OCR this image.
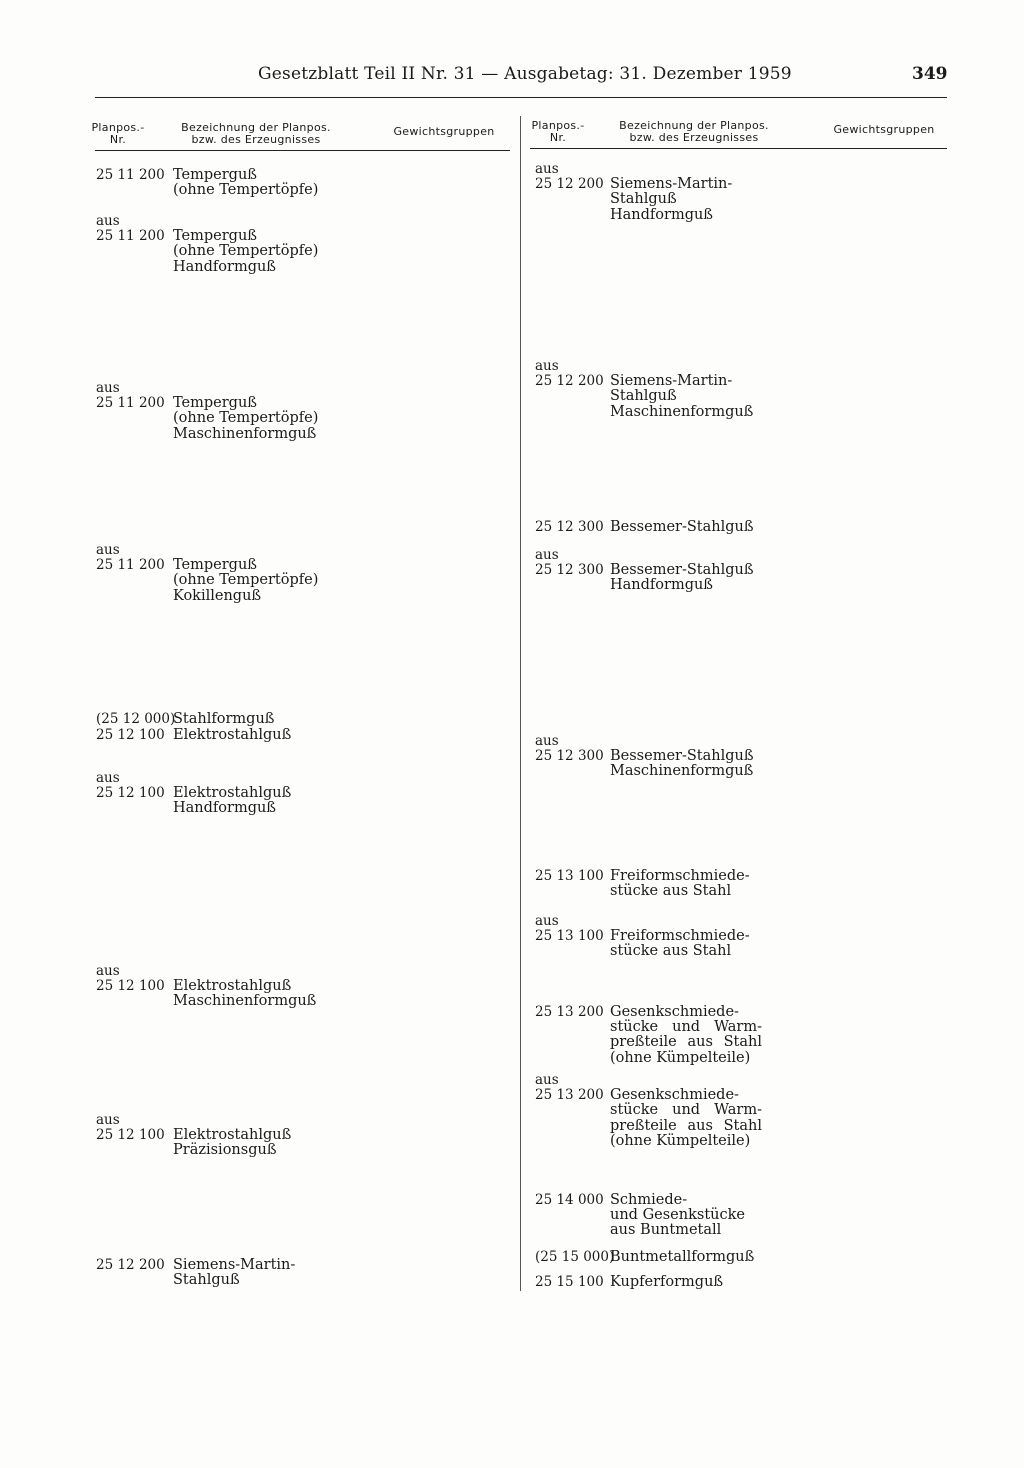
Gesetzblatt Teil II Nr. 31 — Ausgabetag: 31. Dezember 1959	349
Planpos.-
Nr.
Bezeichnung der Planpos.
bzw. des Erzeugnisses
Gewichtsgruppen	Planpos.-
Nr.
Bezeichnung der Planpos.
bzw. des Erzeugnisses
Gewichtsgruppen
25 11 200 Temperguß
(ohne Tempertöpfe)
aus
25 11 200 Temperguß
(ohne Tempertöpfe)
Handformguß
aus
25 11 200 Temperguß
(ohne Tempertöpfe)
Maschinenformguß
aus
25 11 200 Temperguß
(ohne Tempertöpfe)
Kokillenguß
(25 12 000)
Stahlformguß
25 12 100 Elektrostahlguß
aus
25 12 100 Elektrostahlguß
Handformguß
aus
25 12 100 Elektrostahlguß
Maschinenformguß
aus
25 12 100 Elektrostahlguß
Präzisionsguß
25 12 200 Siemens-Martin-
Stahlguß
aus
25 12 200 Siemens-Martin-
Stahlguß
Handformguß
aus
25 12 200 Siemens-Martin-
Stahlguß
Maschinenformguß
25 12 300 Bessemer-Stahlguß
aus
25 12 300 Bessemer-Stahlguß
Handformguß
aus
25 12 300 Bessemer-Stahlguß
Maschinenformguß
25 13 100 Freiformschmiede-
stücke aus Stahl
aus
25 13 100 Freiformschmiede-
stücke aus Stahl
25 13 200 Gesenkschmiede-
stücke und Warm-
preßteile aus Stahl
(ohne Kümpelteile)
aus
25 13 200 Gesenkschmiede-
stücke und Warm-
preßteile aus Stahl
(ohne Kümpelteile)
25 14 000 Schmiede-
und Gesenkstücke
aus Buntmetall
(25 15 000)
Buntmetallformguß
25 15 100 Kupferformguß
